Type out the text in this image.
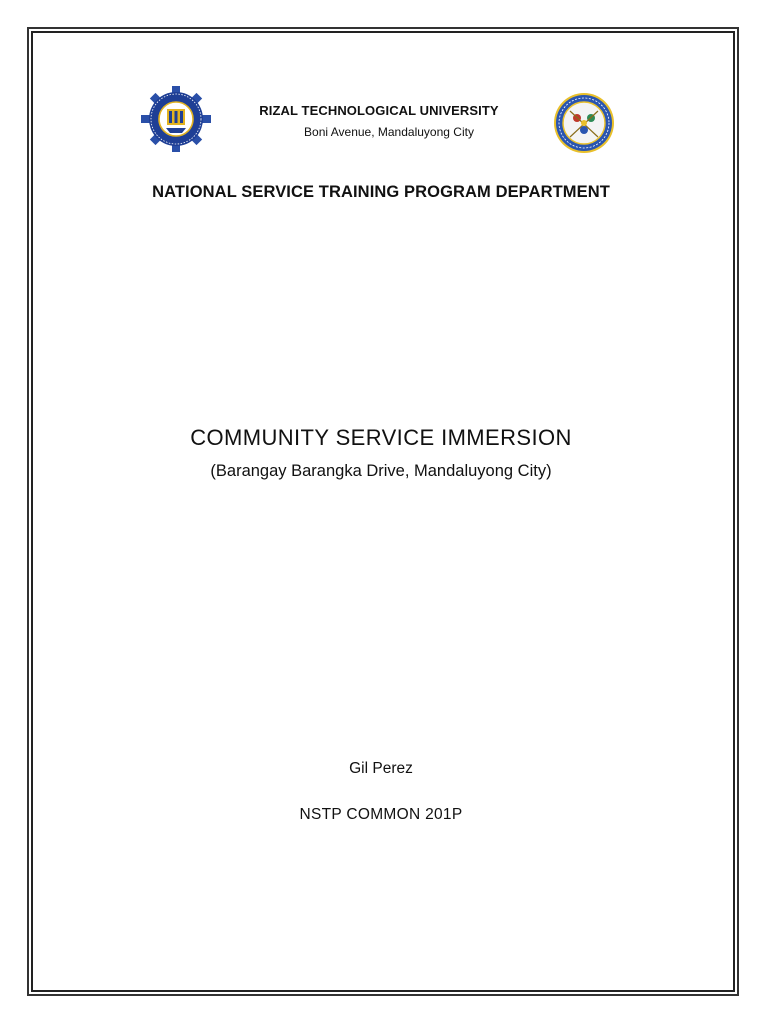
RIZAL TECHNOLOGICAL UNIVERSITY
Boni Avenue, Mandaluyong City
NATIONAL SERVICE TRAINING PROGRAM DEPARTMENT
COMMUNITY SERVICE IMMERSION
(Barangay Barangka Drive, Mandaluyong City)
Gil Perez
NSTP COMMON 201P
